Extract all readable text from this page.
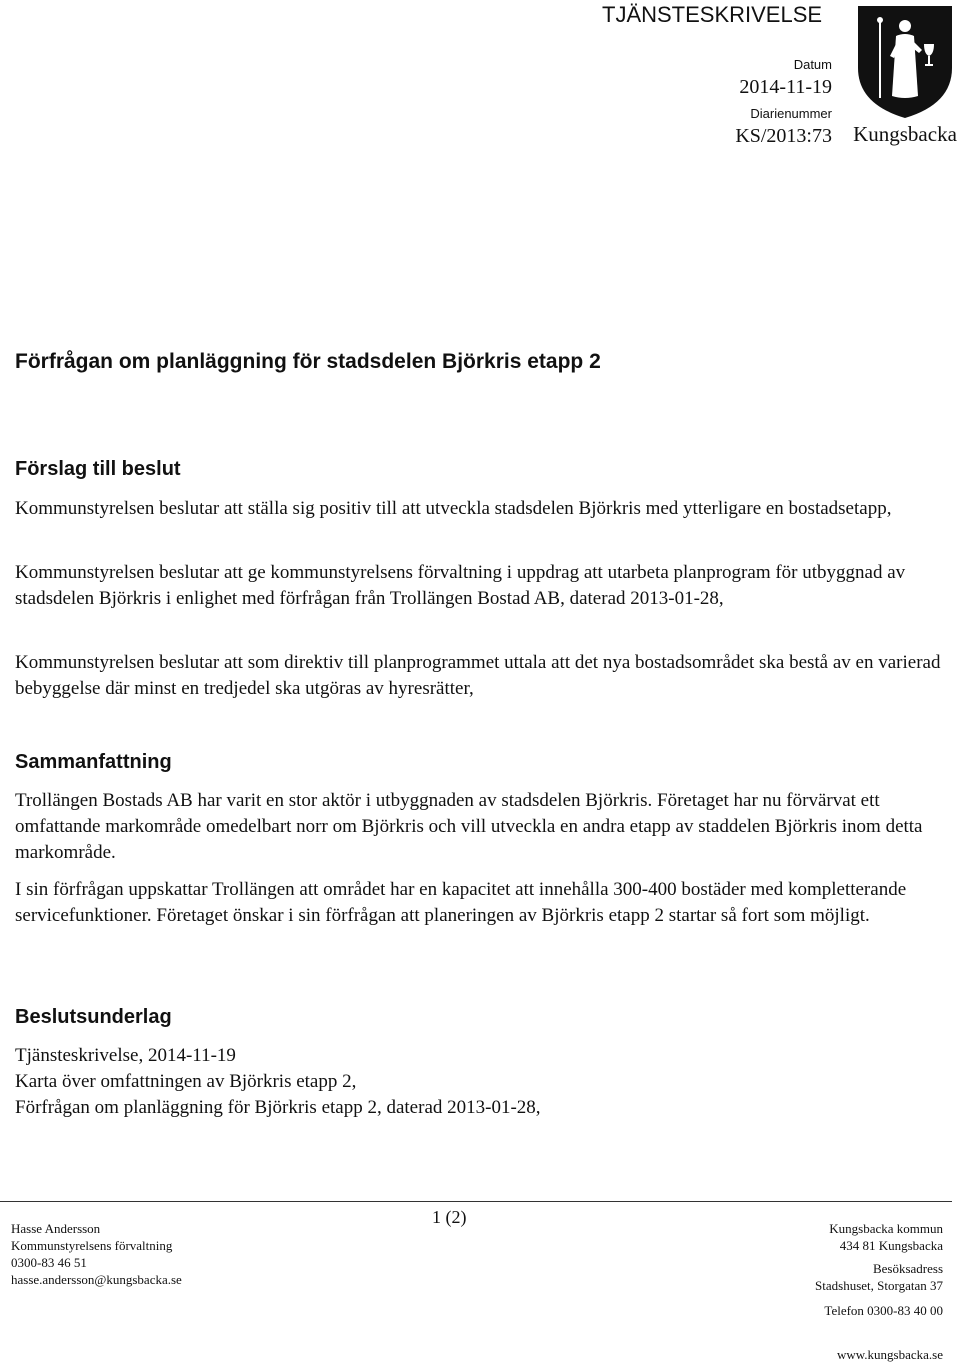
TJÄNSTESKRIVELSE
Datum
2014-11-19
Diarienummer
KS/2013:73 Kungsbacka
Förfrågan om planläggning för stadsdelen Björkris etapp 2
Förslag till beslut
Kommunstyrelsen beslutar att ställa sig positiv till att utveckla stadsdelen Björkris med ytterligare en bostadsetapp,
Kommunstyrelsen beslutar att ge kommunstyrelsens förvaltning i uppdrag att utarbeta planprogram för utbyggnad av stadsdelen Björkris i enlighet med förfrågan från Trollängen Bostad AB, daterad 2013-01-28,
Kommunstyrelsen beslutar att som direktiv till planprogrammet uttala att det nya bostadsområdet ska bestå av en varierad bebyggelse där minst en tredjedel ska utgöras av hyresrätter,
Sammanfattning
Trollängen Bostads AB har varit en stor aktör i utbyggnaden av stadsdelen Björkris. Företaget har nu förvärvat ett omfattande markområde omedelbart norr om Björkris och vill utveckla en andra etapp av staddelen Björkris inom detta markområde.
I sin förfrågan uppskattar Trollängen att området har en kapacitet att innehålla 300-400 bostäder med kompletterande servicefunktioner. Företaget önskar i sin förfrågan att planeringen av Björkris etapp 2 startar så fort som möjligt.
Beslutsunderlag
Tjänsteskrivelse, 2014-11-19
Karta över omfattningen av Björkris etapp 2,
Förfrågan om planläggning för Björkris etapp 2, daterad 2013-01-28,
1 (2)
Hasse Andersson
Kommunstyrelsens förvaltning
0300-83 46 51
hasse.andersson@kungsbacka.se
Kungsbacka kommun
434 81 Kungsbacka
Besöksadress
Stadshuset, Storgatan 37
Telefon 0300-83 40 00
www.kungsbacka.se
